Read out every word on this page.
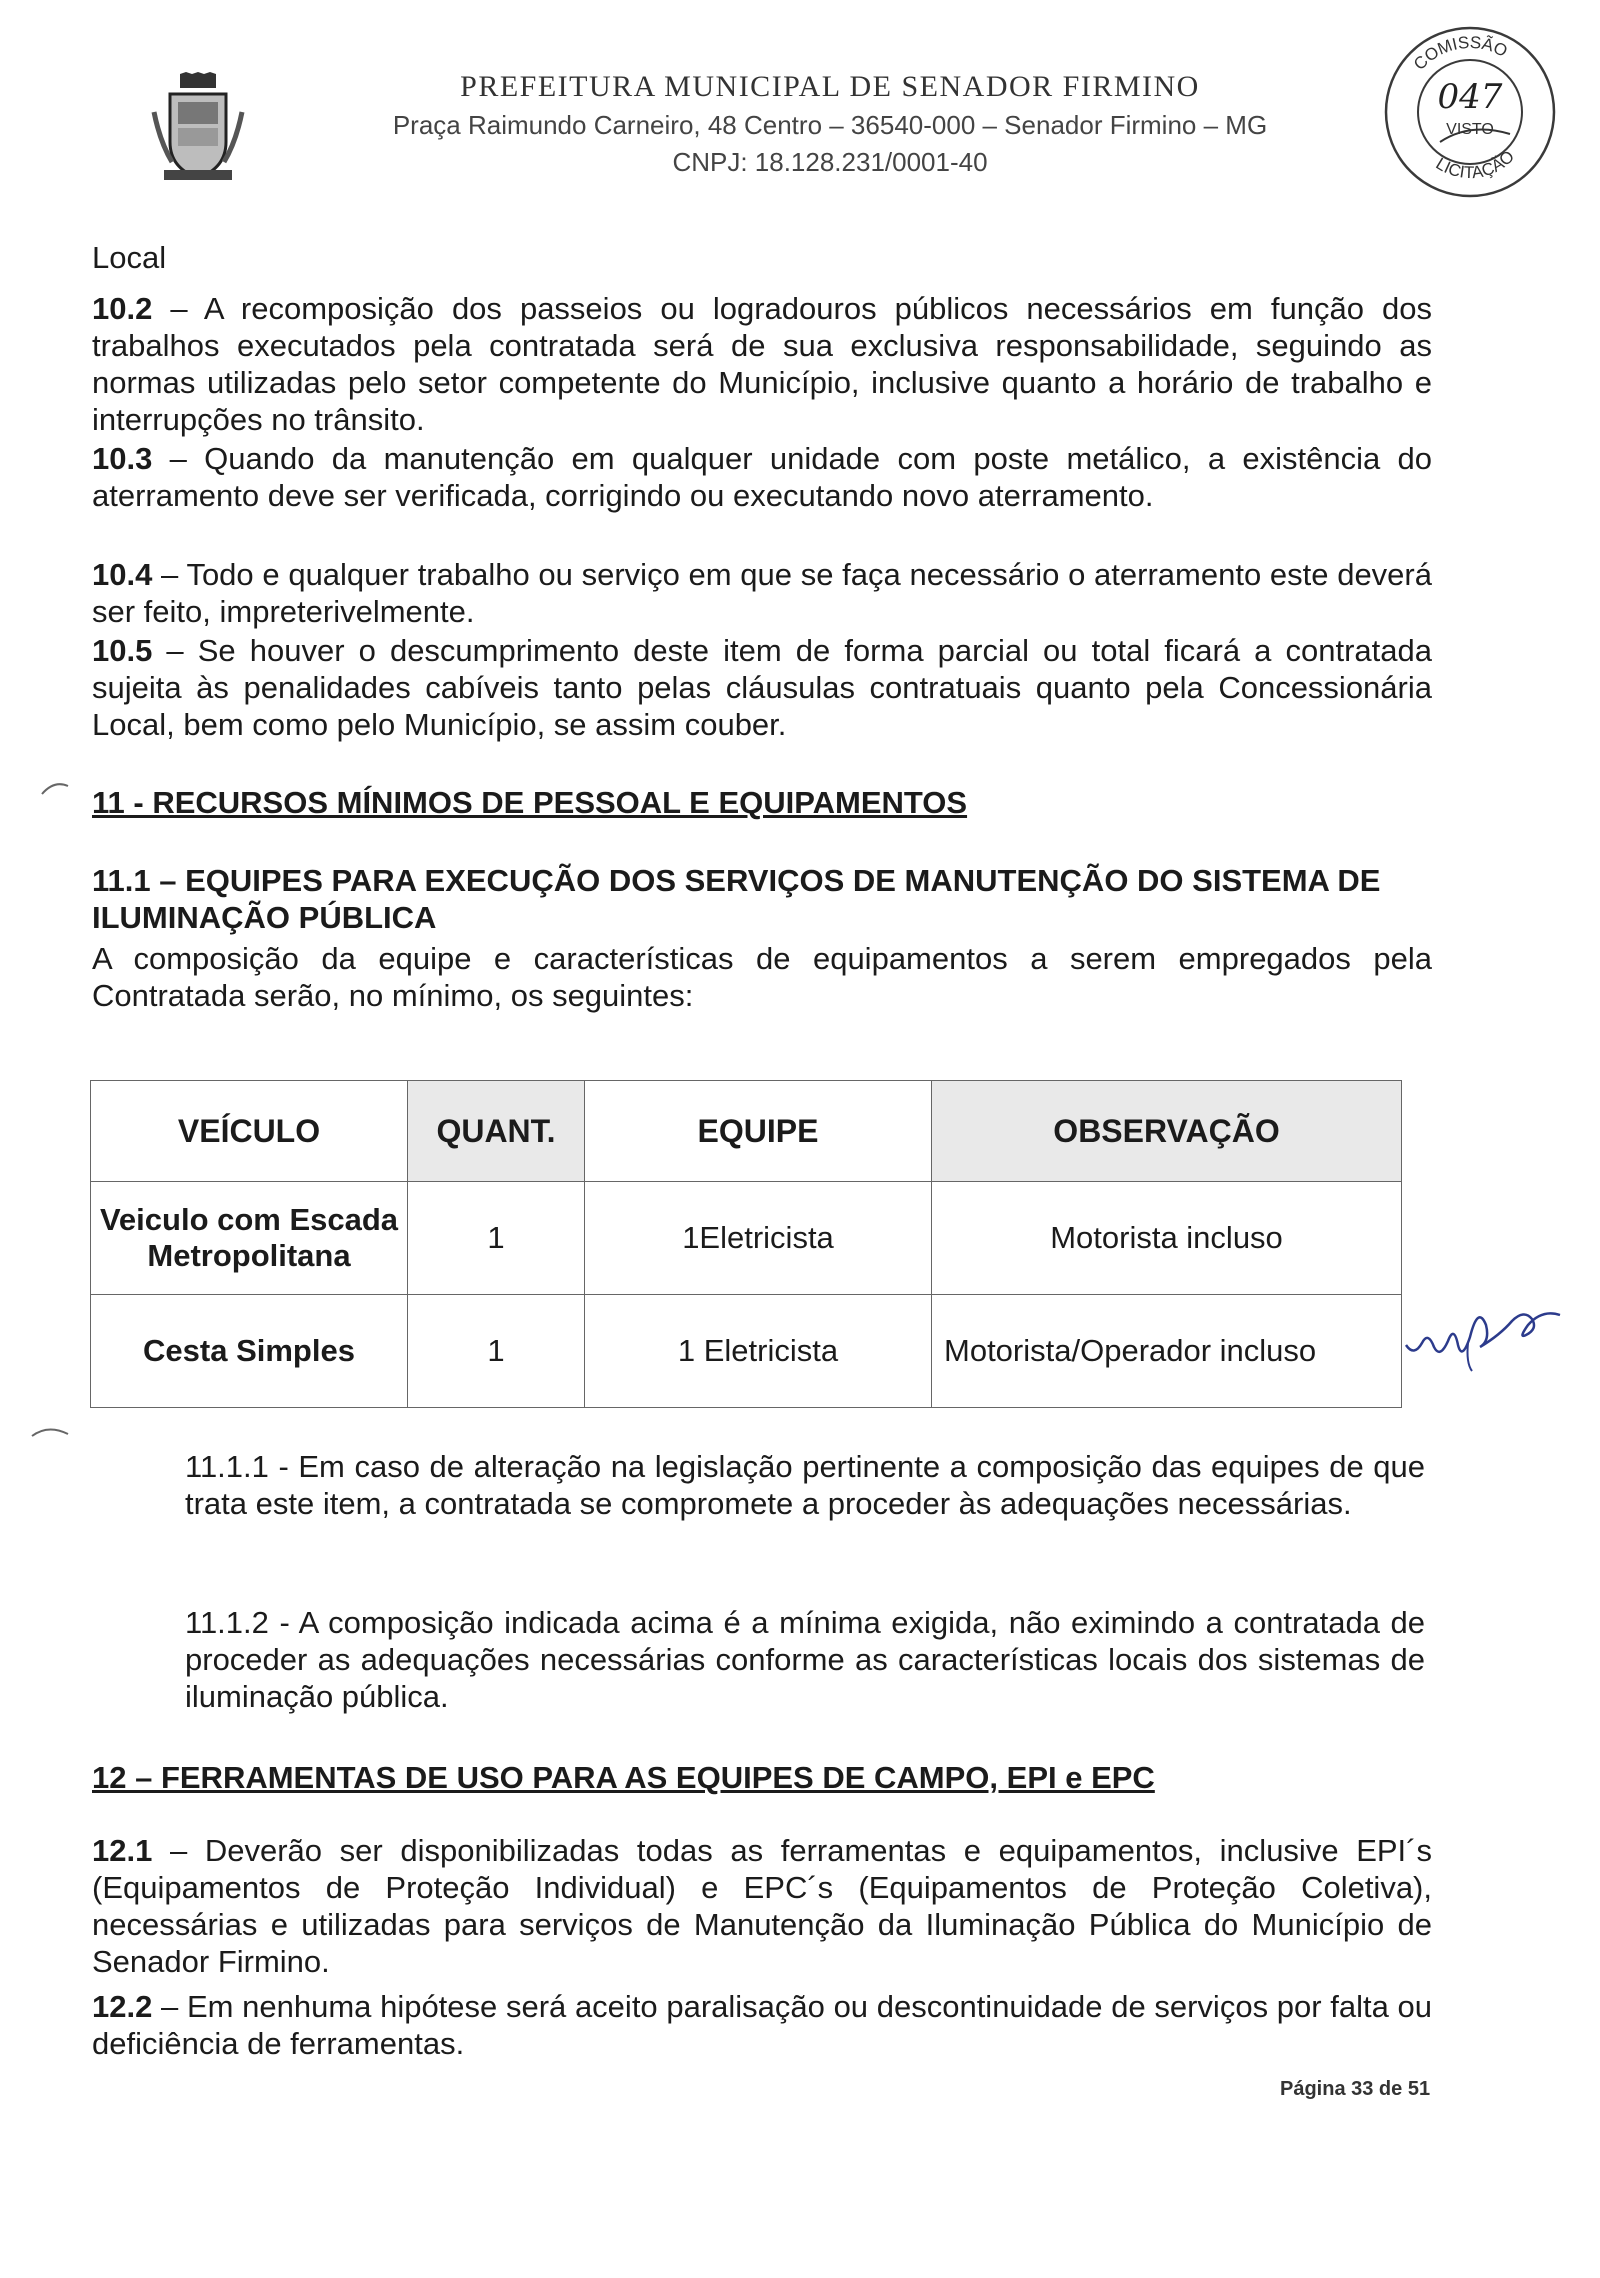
PREFEITURA MUNICIPAL DE SENADOR FIRMINO
Praça Raimundo Carneiro, 48 Centro – 36540-000 – Senador Firmino – MG
CNPJ: 18.128.231/0001-40
COMISSÃO
LICITAÇÃO
047
VISTO
Local
10.2 – A recomposição dos passeios ou logradouros públicos necessários em função dos trabalhos executados pela contratada será de sua exclusiva responsabilidade, seguindo as normas utilizadas pelo setor competente do Município, inclusive quanto a horário de trabalho e interrupções no trânsito.
10.3 – Quando da manutenção em qualquer unidade com poste metálico, a existência do aterramento deve ser verificada, corrigindo ou executando novo aterramento.
10.4 – Todo e qualquer trabalho ou serviço em que se faça necessário o aterramento este deverá ser feito, impreterivelmente.
10.5 – Se houver o descumprimento deste item de forma parcial ou total ficará a contratada sujeita às penalidades cabíveis tanto pelas cláusulas contratuais quanto pela Concessionária Local, bem como pelo Município, se assim couber.
11 - RECURSOS MÍNIMOS DE PESSOAL E EQUIPAMENTOS
11.1 – EQUIPES PARA EXECUÇÃO DOS SERVIÇOS DE MANUTENÇÃO DO SISTEMA DE ILUMINAÇÃO PÚBLICA
A composição da equipe e características de equipamentos a serem empregados pela Contratada serão, no mínimo, os seguintes:
VEÍCULO	QUANT.	EQUIPE	OBSERVAÇÃO
Veiculo com Escada Metropolitana	1	1Eletricista	Motorista incluso
Cesta Simples	1	1 Eletricista	Motorista/Operador incluso
11.1.1 - Em caso de alteração na legislação pertinente a composição das equipes de que trata este item, a contratada se compromete a proceder às adequações necessárias.
11.1.2 - A composição indicada acima é a mínima exigida, não eximindo a contratada de proceder as adequações necessárias conforme as características locais dos sistemas de iluminação pública.
12 – FERRAMENTAS DE USO PARA AS EQUIPES DE CAMPO, EPI e EPC
12.1 – Deverão ser disponibilizadas todas as ferramentas e equipamentos, inclusive EPI´s (Equipamentos de Proteção Individual) e EPC´s (Equipamentos de Proteção Coletiva), necessárias e utilizadas para serviços de Manutenção da Iluminação Pública do Município de Senador Firmino.
12.2 – Em nenhuma hipótese será aceito paralisação ou descontinuidade de serviços por falta ou deficiência de ferramentas.
Página 33 de 51
